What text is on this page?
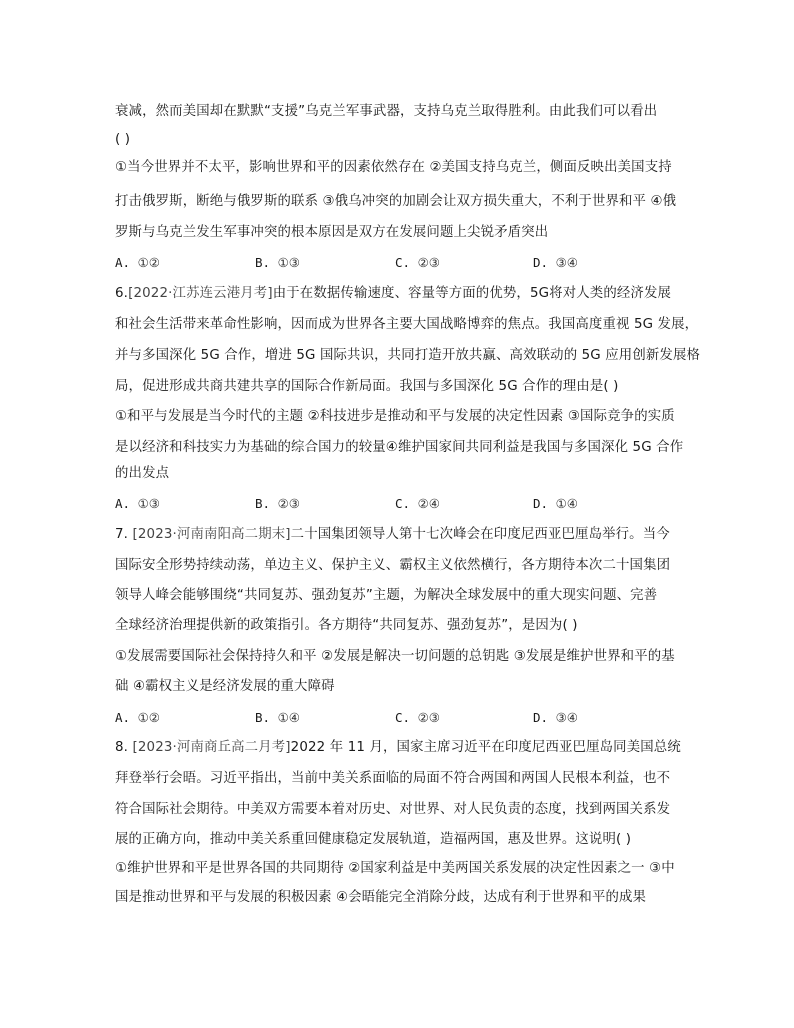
衰减，然而美国却在默默“支援”乌克兰军事武器，支持乌克兰取得胜利。由此我们可以看出
( )
①当今世界并不太平，影响世界和平的因素依然存在 ②美国支持乌克兰，侧面反映出美国支持
打击俄罗斯，断绝与俄罗斯的联系 ③俄乌冲突的加剧会让双方损失重大，不利于世界和平 ④俄
罗斯与乌克兰发生军事冲突的根本原因是双方在发展问题上尖锐矛盾突出
A. ①②	B. ①③	C. ②③	D. ③④
6.[2022·江苏连云港月考]由于在数据传输速度、容量等方面的优势，5G将对人类的经济发展
和社会生活带来革命性影响，因而成为世界各主要大国战略博弈的焦点。我国高度重视 5G 发展，
并与多国深化 5G 合作，增进 5G 国际共识，共同打造开放共赢、高效联动的 5G 应用创新发展格
局，促进形成共商共建共享的国际合作新局面。我国与多国深化 5G 合作的理由是( )
①和平与发展是当今时代的主题 ②科技进步是推动和平与发展的决定性因素 ③国际竞争的实质
是以经济和科技实力为基础的综合国力的较量④维护国家间共同利益是我国与多国深化 5G 合作
的出发点
A. ①③	B. ②③	C. ②④	D. ①④
7. [2023·河南南阳高二期末]二十国集团领导人第十七次峰会在印度尼西亚巴厘岛举行。当今
国际安全形势持续动荡，单边主义、保护主义、霸权主义依然横行，各方期待本次二十国集团
领导人峰会能够围绕“共同复苏、强劲复苏”主题，为解决全球发展中的重大现实问题、完善
全球经济治理提供新的政策指引。各方期待“共同复苏、强劲复苏”，是因为( )
①发展需要国际社会保持持久和平 ②发展是解决一切问题的总钥匙 ③发展是维护世界和平的基
础 ④霸权主义是经济发展的重大障碍
A. ①②	B. ①④	C. ②③	D. ③④
8. [2023·河南商丘高二月考]2022 年 11 月，国家主席习近平在印度尼西亚巴厘岛同美国总统
拜登举行会晤。习近平指出，当前中美关系面临的局面不符合两国和两国人民根本利益，也不
符合国际社会期待。中美双方需要本着对历史、对世界、对人民负责的态度，找到两国关系发
展的正确方向，推动中美关系重回健康稳定发展轨道，造福两国，惠及世界。这说明( )
①维护世界和平是世界各国的共同期待 ②国家利益是中美两国关系发展的决定性因素之一 ③中
国是推动世界和平与发展的积极因素 ④会晤能完全消除分歧，达成有利于世界和平的成果
